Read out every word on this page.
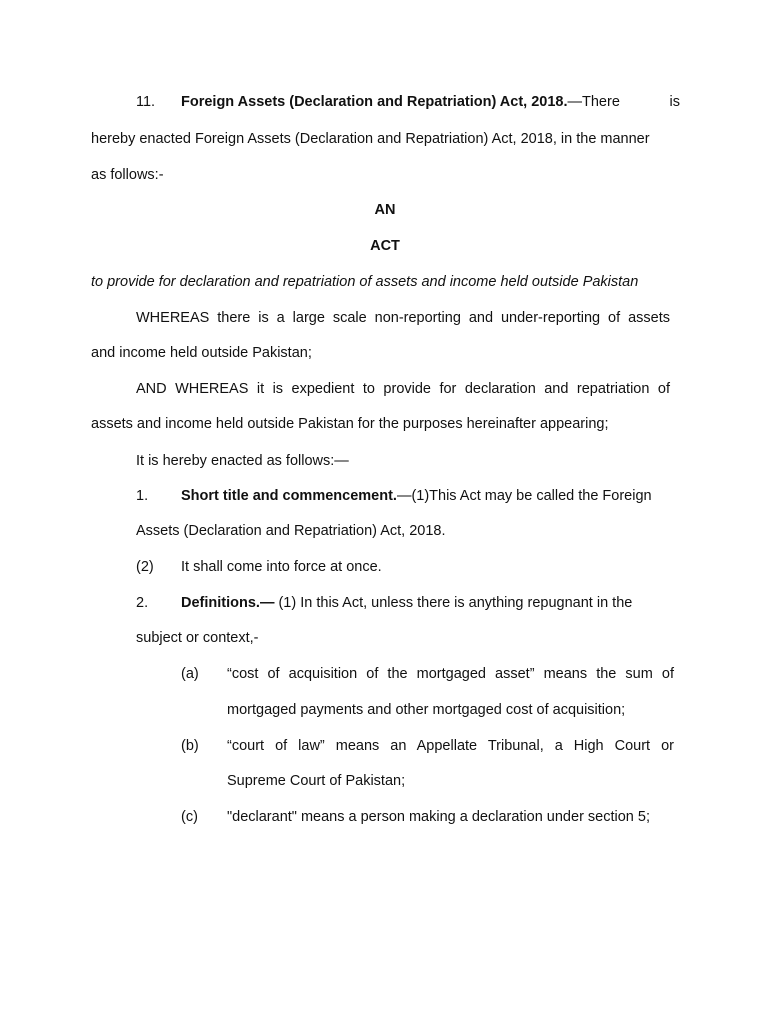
11. Foreign Assets (Declaration and Repatriation) Act, 2018.—There	is
hereby enacted Foreign Assets (Declaration and Repatriation) Act, 2018, in the manner
as follows:-
AN
ACT
to provide for declaration and repatriation of assets and income held outside Pakistan
WHEREAS there is a large scale non-reporting and under-reporting of assets
and income held outside Pakistan;
AND WHEREAS it is expedient to provide for declaration and repatriation of
assets and income held outside Pakistan for the purposes hereinafter appearing;
It is hereby enacted as follows:—
1. Short title and commencement.—(1)This Act may be called the Foreign
Assets (Declaration and Repatriation) Act, 2018.
(2) It shall come into force at once.
2. Definitions.— (1) In this Act, unless there is anything repugnant in the
subject or context,-
(a) “cost of acquisition of the mortgaged asset” means the sum of
mortgaged payments and other mortgaged cost of acquisition;
(b) “court of law” means an Appellate Tribunal, a High Court or
Supreme Court of Pakistan;
(c) "declarant" means a person making a declaration under section 5;
